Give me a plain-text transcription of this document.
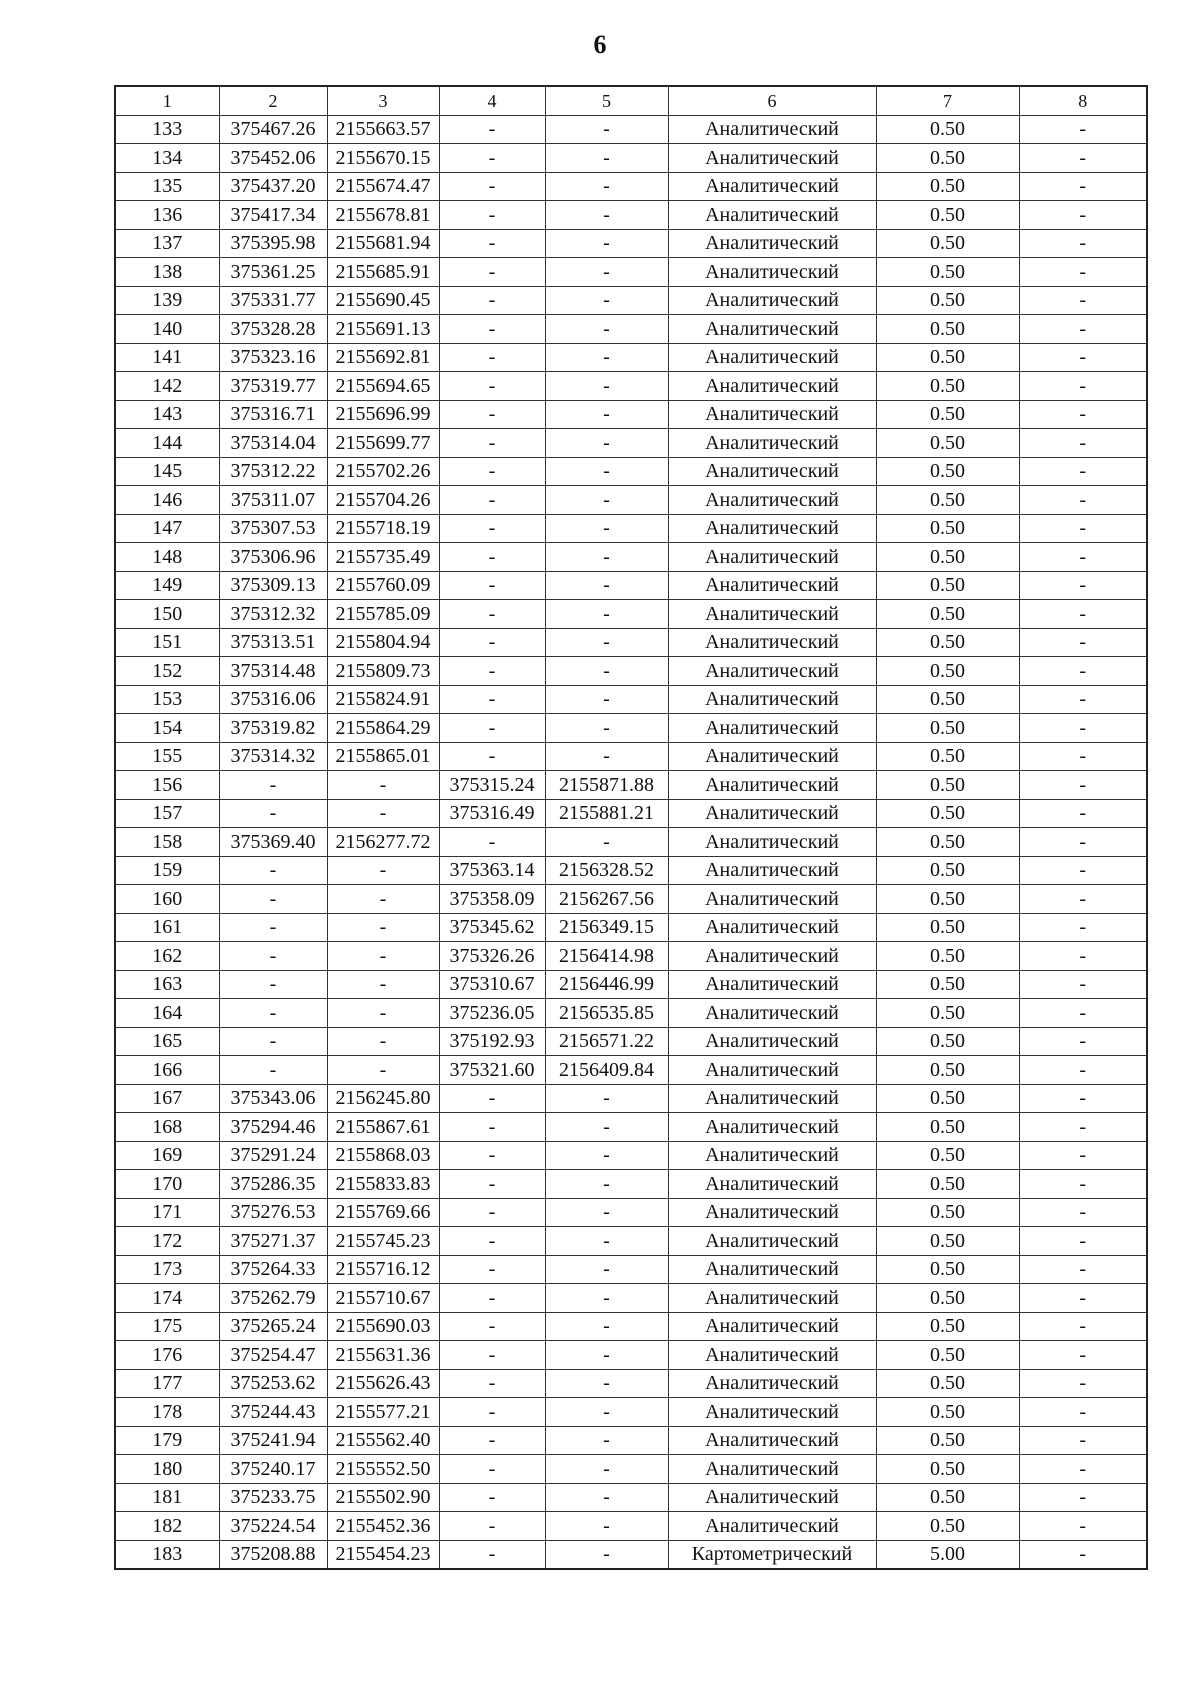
6
1	2	3	4	5	6	7	8
133	375467.26	2155663.57	-	-	Аналитический	0.50	-
134	375452.06	2155670.15	-	-	Аналитический	0.50	-
135	375437.20	2155674.47	-	-	Аналитический	0.50	-
136	375417.34	2155678.81	-	-	Аналитический	0.50	-
137	375395.98	2155681.94	-	-	Аналитический	0.50	-
138	375361.25	2155685.91	-	-	Аналитический	0.50	-
139	375331.77	2155690.45	-	-	Аналитический	0.50	-
140	375328.28	2155691.13	-	-	Аналитический	0.50	-
141	375323.16	2155692.81	-	-	Аналитический	0.50	-
142	375319.77	2155694.65	-	-	Аналитический	0.50	-
143	375316.71	2155696.99	-	-	Аналитический	0.50	-
144	375314.04	2155699.77	-	-	Аналитический	0.50	-
145	375312.22	2155702.26	-	-	Аналитический	0.50	-
146	375311.07	2155704.26	-	-	Аналитический	0.50	-
147	375307.53	2155718.19	-	-	Аналитический	0.50	-
148	375306.96	2155735.49	-	-	Аналитический	0.50	-
149	375309.13	2155760.09	-	-	Аналитический	0.50	-
150	375312.32	2155785.09	-	-	Аналитический	0.50	-
151	375313.51	2155804.94	-	-	Аналитический	0.50	-
152	375314.48	2155809.73	-	-	Аналитический	0.50	-
153	375316.06	2155824.91	-	-	Аналитический	0.50	-
154	375319.82	2155864.29	-	-	Аналитический	0.50	-
155	375314.32	2155865.01	-	-	Аналитический	0.50	-
156	-	-	375315.24	2155871.88	Аналитический	0.50	-
157	-	-	375316.49	2155881.21	Аналитический	0.50	-
158	375369.40	2156277.72	-	-	Аналитический	0.50	-
159	-	-	375363.14	2156328.52	Аналитический	0.50	-
160	-	-	375358.09	2156267.56	Аналитический	0.50	-
161	-	-	375345.62	2156349.15	Аналитический	0.50	-
162	-	-	375326.26	2156414.98	Аналитический	0.50	-
163	-	-	375310.67	2156446.99	Аналитический	0.50	-
164	-	-	375236.05	2156535.85	Аналитический	0.50	-
165	-	-	375192.93	2156571.22	Аналитический	0.50	-
166	-	-	375321.60	2156409.84	Аналитический	0.50	-
167	375343.06	2156245.80	-	-	Аналитический	0.50	-
168	375294.46	2155867.61	-	-	Аналитический	0.50	-
169	375291.24	2155868.03	-	-	Аналитический	0.50	-
170	375286.35	2155833.83	-	-	Аналитический	0.50	-
171	375276.53	2155769.66	-	-	Аналитический	0.50	-
172	375271.37	2155745.23	-	-	Аналитический	0.50	-
173	375264.33	2155716.12	-	-	Аналитический	0.50	-
174	375262.79	2155710.67	-	-	Аналитический	0.50	-
175	375265.24	2155690.03	-	-	Аналитический	0.50	-
176	375254.47	2155631.36	-	-	Аналитический	0.50	-
177	375253.62	2155626.43	-	-	Аналитический	0.50	-
178	375244.43	2155577.21	-	-	Аналитический	0.50	-
179	375241.94	2155562.40	-	-	Аналитический	0.50	-
180	375240.17	2155552.50	-	-	Аналитический	0.50	-
181	375233.75	2155502.90	-	-	Аналитический	0.50	-
182	375224.54	2155452.36	-	-	Аналитический	0.50	-
183	375208.88	2155454.23	-	-	Картометрический	5.00	-
